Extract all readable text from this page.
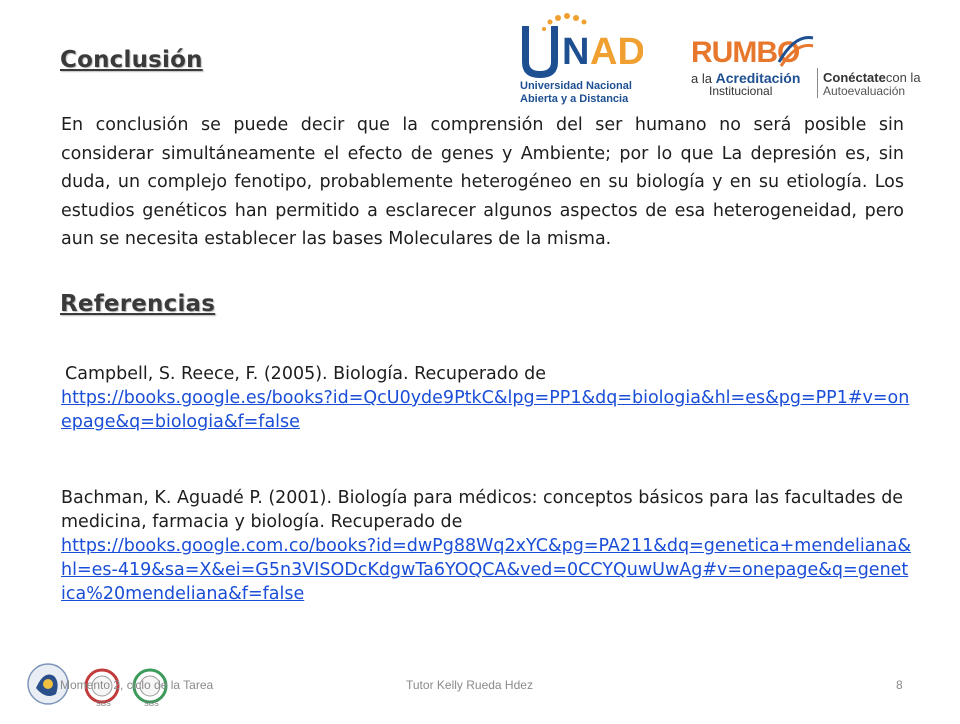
Conclusión
En conclusión se puede decir que la comprensión del ser humano no será posible sin considerar simultáneamente el efecto de genes y Ambiente; por lo que La depresión es, sin duda, un complejo fenotipo, probablemente heterogéneo en su biología y en su etiología. Los estudios genéticos han permitido a esclarecer algunos aspectos de esa heterogeneidad, pero aun se necesita establecer las bases Moleculares de la misma.
Referencias
Campbell, S. Reece, F. (2005). Biología. Recuperado de
https://books.google.es/books?id=QcU0yde9PtkC&lpg=PP1&dq=biologia&hl=es&pg=PP1#v=onepage&q=biologia&f=false
Bachman, K. Aguadé P. (2001). Biología para médicos: conceptos básicos para las facultades de medicina, farmacia y biología. Recuperado de
https://books.google.com.co/books?id=dwPg88Wq2xYC&pg=PA211&dq=genetica+mendeliana&hl=es-419&sa=X&ei=G5n3VISODcKdgwTa6YOQCA&ved=0CCYQuwUwAg#v=onepage&q=genetica%20mendeliana&f=false
N AD
Universidad Nacional
Abierta y a Distancia
RUMBO
a la Acreditación
Institucional
Conéctatecon la
Autoevaluación
SGS	SGS
Momento 2, ciclo de la Tarea	Tutor Kelly Rueda Hdez	8
